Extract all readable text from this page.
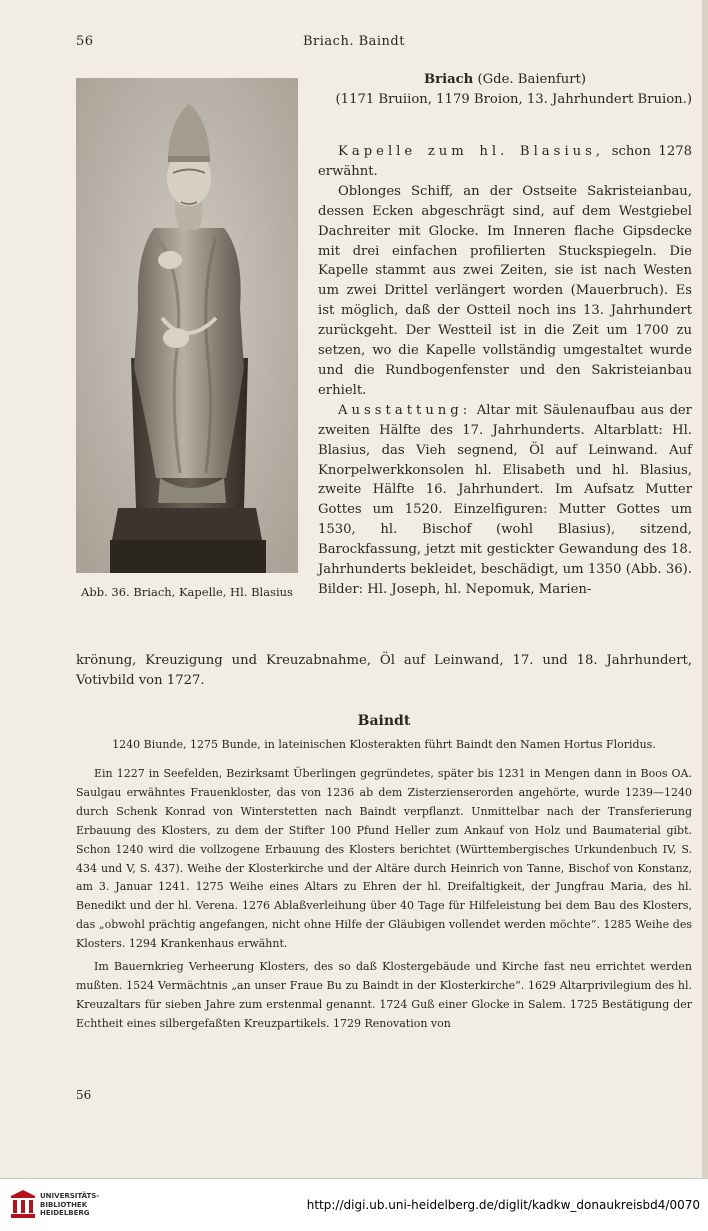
56	Briach. Baindt
Abb. 36. Briach, Kapelle, Hl. Blasius

Briach (Gde. Baienfurt)

(1171 Bruiion, 1179 Broion, 13. Jahrhundert Bruion.)

Kapelle zum hl. Blasius, schon 1278 erwähnt.

Oblonges Schiff, an der Ostseite Sakristeianbau, dessen Ecken abgeschrägt sind, auf dem Westgiebel Dachreiter mit Glocke. Im Inneren flache Gipsdecke mit drei einfachen profilierten Stuckspiegeln. Die Kapelle stammt aus zwei Zeiten, sie ist nach Westen um zwei Drittel verlängert worden (Mauerbruch). Es ist möglich, daß der Ostteil noch ins 13. Jahrhundert zurückgeht. Der Westteil ist in die Zeit um 1700 zu setzen, wo die Kapelle vollständig umgestaltet wurde und die Rundbogenfenster und den Sakristeianbau erhielt.

Ausstattung: Altar mit Säulenaufbau aus der zweiten Hälfte des 17. Jahrhunderts. Altarblatt: Hl. Blasius, das Vieh segnend, Öl auf Leinwand. Auf Knorpelwerkkonsolen hl. Elisabeth und hl. Blasius, zweite Hälfte 16. Jahrhundert. Im Aufsatz Mutter Gottes um 1520. Einzelfiguren: Mutter Gottes um 1530, hl. Bischof (wohl Blasius), sitzend, Barockfassung, jetzt mit gestickter Gewandung des 18. Jahrhunderts bekleidet, beschädigt, um 1350 (Abb. 36). Bilder: Hl. Joseph, hl. Nepomuk, Marien-

krönung, Kreuzigung und Kreuzabnahme, Öl auf Leinwand, 17. und 18. Jahrhundert, Votivbild von 1727.
Baindt
1240 Biunde, 1275 Bunde, in lateinischen Klosterakten führt Baindt den Namen Hortus Floridus.

Ein 1227 in Seefelden, Bezirksamt Überlingen gegründetes, später bis 1231 in Mengen dann in Boos OA. Saulgau erwähntes Frauenkloster, das von 1236 ab dem Zisterzienserorden angehörte, wurde 1239—1240 durch Schenk Konrad von Winterstetten nach Baindt verpflanzt. Unmittelbar nach der Transferierung Erbauung des Klosters, zu dem der Stifter 100 Pfund Heller zum Ankauf von Holz und Baumaterial gibt. Schon 1240 wird die vollzogene Erbauung des Klosters berichtet (Württembergisches Urkundenbuch IV, S. 434 und V, S. 437). Weihe der Klosterkirche und der Altäre durch Heinrich von Tanne, Bischof von Konstanz, am 3. Januar 1241. 1275 Weihe eines Altars zu Ehren der hl. Dreifaltigkeit, der Jungfrau Maria, des hl. Benedikt und der hl. Verena. 1276 Ablaßverleihung über 40 Tage für Hilfeleistung bei dem Bau des Klosters, das „obwohl prächtig angefangen, nicht ohne Hilfe der Gläubigen vollendet werden möchte“. 1285 Weihe des Klosters. 1294 Krankenhaus erwähnt.

Im Bauernkrieg Verheerung Klosters, des so daß Klostergebäude und Kirche fast neu errichtet werden mußten. 1524 Vermächtnis „an unser Fraue Bu zu Baindt in der Klosterkirche“. 1629 Altarprivilegium des hl. Kreuzaltars für sieben Jahre zum erstenmal genannt. 1724 Guß einer Glocke in Salem. 1725 Bestätigung der Echtheit eines silbergefaßten Kreuzpartikels. 1729 Renovation von

56
UNIVERSITÄTS-
BIBLIOTHEK
HEIDELBERG
http://digi.ub.uni-heidelberg.de/diglit/kadkw_donaukreisbd4/0070
